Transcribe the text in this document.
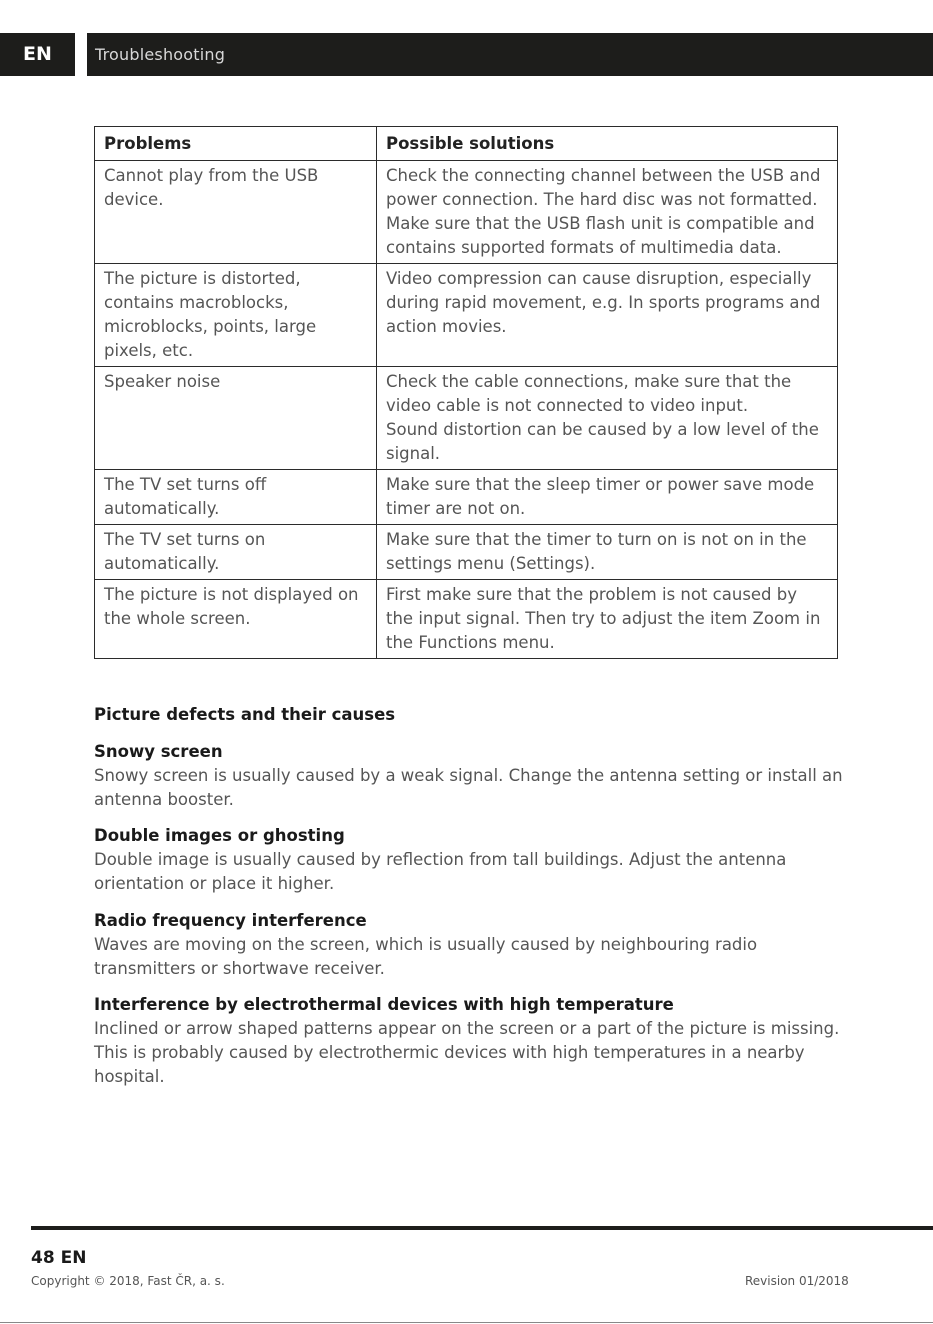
EN	Troubleshooting
Problems	Possible solutions
Cannot play from the USB device.	Check the connecting channel between the USB and power connection. The hard disc was not formatted. Make sure that the USB flash unit is compatible and contains supported formats of multimedia data.

The picture is distorted, contains macroblocks, microblocks, points, large pixels, etc.	Video compression can cause disruption, especially during rapid movement, e.g. In sports programs and action movies.

Speaker noise	Check the cable connections, make sure that the video cable is not connected to video input.
Sound distortion can be caused by a low level of the signal.

The TV set turns off automatically.	Make sure that the sleep timer or power save mode timer are not on.

The TV set turns on automatically.	Make sure that the timer to turn on is not on in the settings menu (Settings).

The picture is not displayed on the whole screen.	First make sure that the problem is not caused by the input signal. Then try to adjust the item Zoom in the Functions menu.

Picture defects and their causes

Snowy screen

Snowy screen is usually caused by a weak signal. Change the antenna setting or install an antenna booster.

Double images or ghosting

Double image is usually caused by reflection from tall buildings. Adjust the antenna orientation or place it higher.

Radio frequency interference

Waves are moving on the screen, which is usually caused by neighbouring radio transmitters or shortwave receiver.

Interference by electrothermal devices with high temperature

Inclined or arrow shaped patterns appear on the screen or a part of the picture is missing. This is probably caused by electrothermic devices with high temperatures in a nearby hospital.

48 EN
Copyright © 2018, Fast ČR, a. s.	Revision 01/2018
